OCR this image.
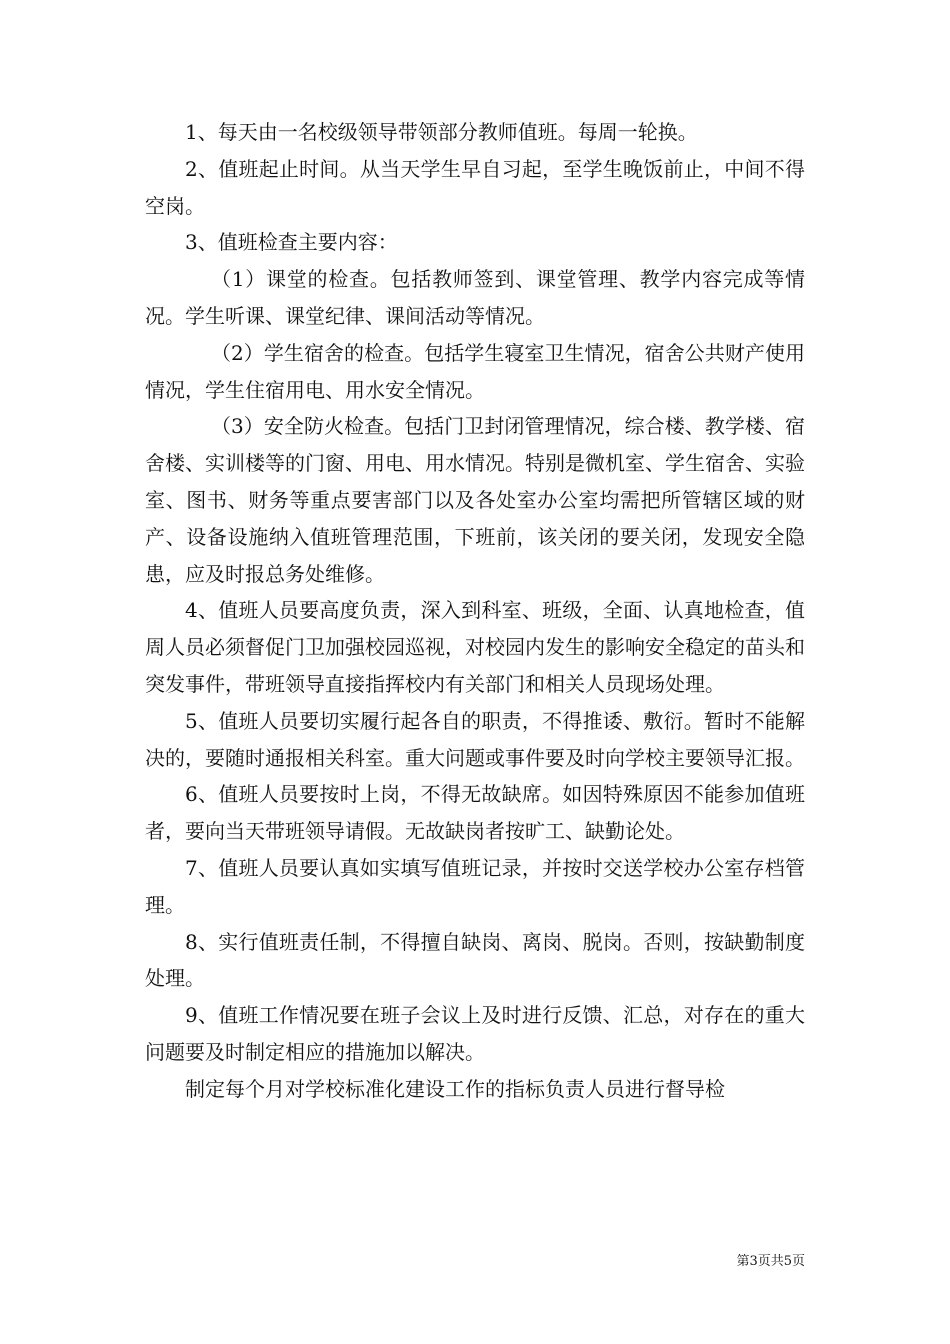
1、每天由一名校级领导带领部分教师值班。每周一轮换。

2、值班起止时间。从当天学生早自习起，至学生晚饭前止，中间不得空岗。

3、值班检查主要内容：

（1）课堂的检查。包括教师签到、课堂管理、教学内容完成等情况。学生听课、课堂纪律、课间活动等情况。

（2）学生宿舍的检查。包括学生寝室卫生情况，宿舍公共财产使用情况，学生住宿用电、用水安全情况。

（3）安全防火检查。包括门卫封闭管理情况，综合楼、教学楼、宿舍楼、实训楼等的门窗、用电、用水情况。特别是微机室、学生宿舍、实验室、图书、财务等重点要害部门以及各处室办公室均需把所管辖区域的财产、设备设施纳入值班管理范围，下班前，该关闭的要关闭，发现安全隐患，应及时报总务处维修。

4、值班人员要高度负责，深入到科室、班级，全面、认真地检查，值周人员必须督促门卫加强校园巡视，对校园内发生的影响安全稳定的苗头和突发事件，带班领导直接指挥校内有关部门和相关人员现场处理。

5、值班人员要切实履行起各自的职责，不得推诿、敷衍。暂时不能解决的，要随时通报相关科室。重大问题或事件要及时向学校主要领导汇报。

6、值班人员要按时上岗，不得无故缺席。如因特殊原因不能参加值班者，要向当天带班领导请假。无故缺岗者按旷工、缺勤论处。

7、值班人员要认真如实填写值班记录，并按时交送学校办公室存档管理。

8、实行值班责任制，不得擅自缺岗、离岗、脱岗。否则，按缺勤制度处理。

9、值班工作情况要在班子会议上及时进行反馈、汇总，对存在的重大问题要及时制定相应的措施加以解决。

制定每个月对学校标准化建设工作的指标负责人员进行督导检

第3页共5页
